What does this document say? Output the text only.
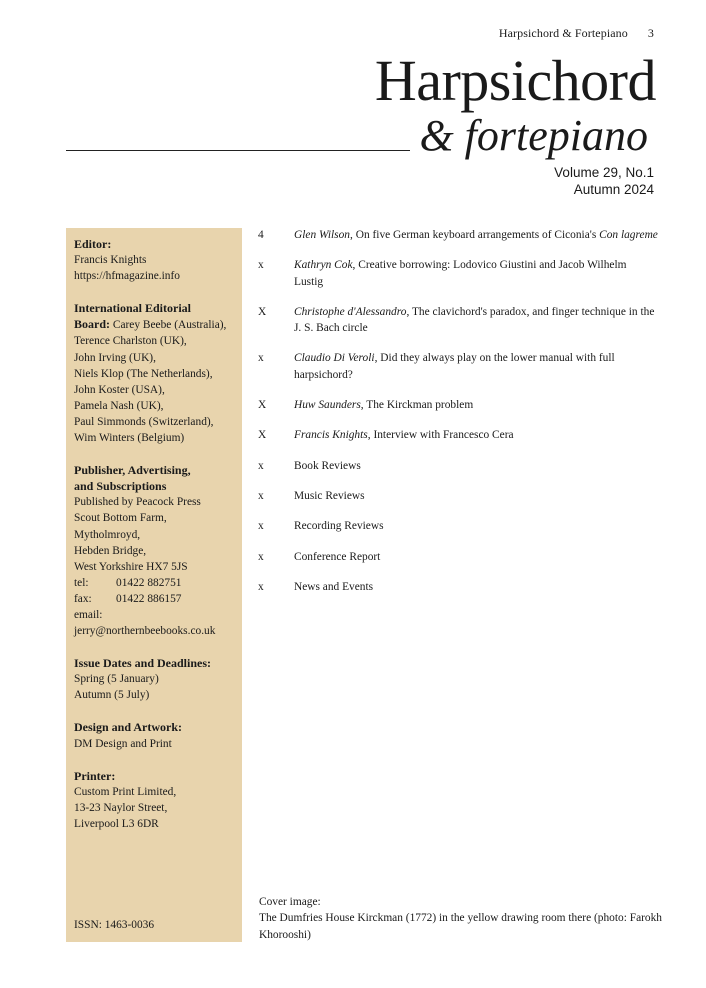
Harpsichord & Fortepiano 3
Harpsichord
& fortepiano
Volume 29, No.1
Autumn 2024
Editor:
Francis Knights
https://hfmagazine.info
International Editorial
Board: Carey Beebe (Australia),
Terence Charlston (UK),
John Irving (UK),
Niels Klop (The Netherlands),
John Koster (USA),
Pamela Nash (UK),
Paul Simmonds (Switzerland),
Wim Winters (Belgium)
Publisher, Advertising,
and Subscriptions
Published by Peacock Press
Scout Bottom Farm,
Mytholmroyd,
Hebden Bridge,
West Yorkshire HX7 5JS
tel:	01422 882751
fax:	01422 886157
email:
jerry@northernbeebooks.co.uk
Issue Dates and Deadlines:
Spring (5 January)
Autumn (5 July)
Design and Artwork:
DM Design and Print
Printer:
Custom Print Limited,
13-23 Naylor Street,
Liverpool L3 6DR
ISSN: 1463-0036
4	Glen Wilson, On five German keyboard arrangements of Ciconia's Con lagreme
x	Kathryn Cok, Creative borrowing: Lodovico Giustini and Jacob Wilhelm Lustig
X	Christophe d'Alessandro, The clavichord's paradox, and finger technique in the J. S. Bach circle
x	Claudio Di Veroli, Did they always play on the lower manual with full harpsichord?
X	Huw Saunders, The Kirckman problem
X	Francis Knights, Interview with Francesco Cera
x	Book Reviews
x	Music Reviews
x	Recording Reviews
x	Conference Report
x	News and Events
Cover image:
The Dumfries House Kirckman (1772) in the yellow drawing room there (photo: Farokh Khorooshi)
